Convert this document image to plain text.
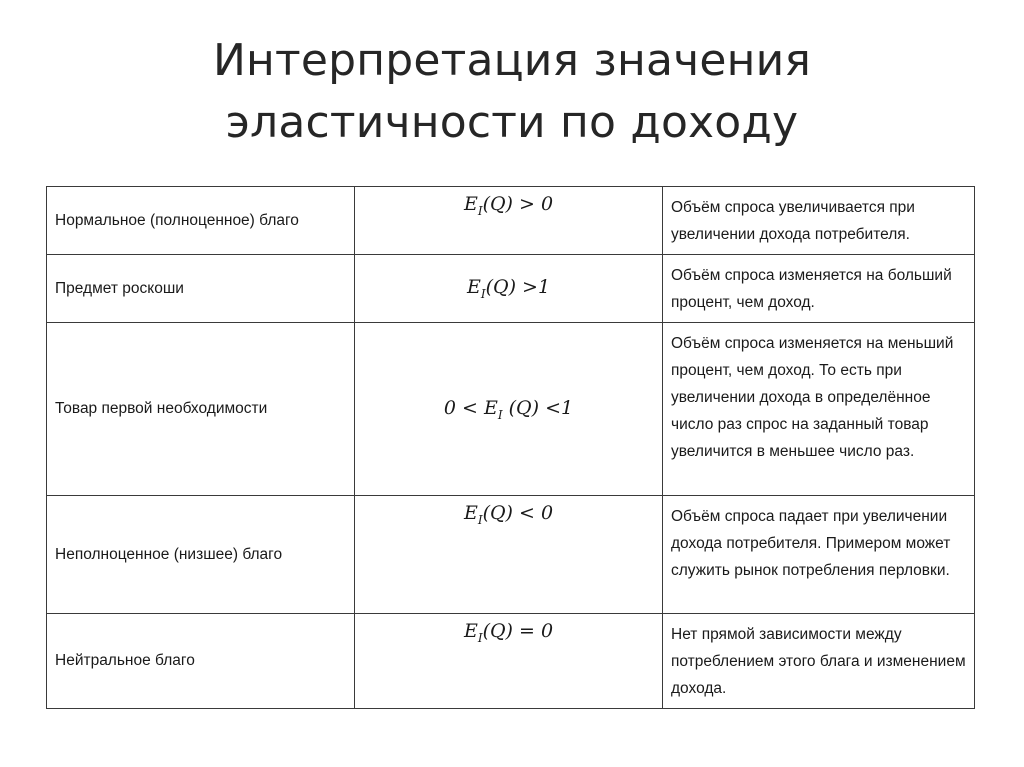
Интерпретация значения
эластичности по доходу
Нормальное (полноценное) благо	$E_I(Q) > 0$	Объём спроса увеличивается при увеличении дохода потребителя.
Предмет роскоши	$E_I(Q) >1$	Объём спроса изменяется на больший процент, чем доход.
Товар первой необходимости	$0 < E_I$ (Q) <1	Объём спроса изменяется на меньший процент, чем доход. То есть при увеличении дохода в определённое число раз спрос на заданный товар увеличится в меньшее число раз.
Неполноценное (низшее) благо	$E_I(Q) < 0$	Объём спроса падает при увеличении дохода потребителя. Примером может служить рынок потребления перловки.
Нейтральное благо	$E_I(Q) = 0$	Нет прямой зависимости между потреблением этого блага и изменением дохода.
